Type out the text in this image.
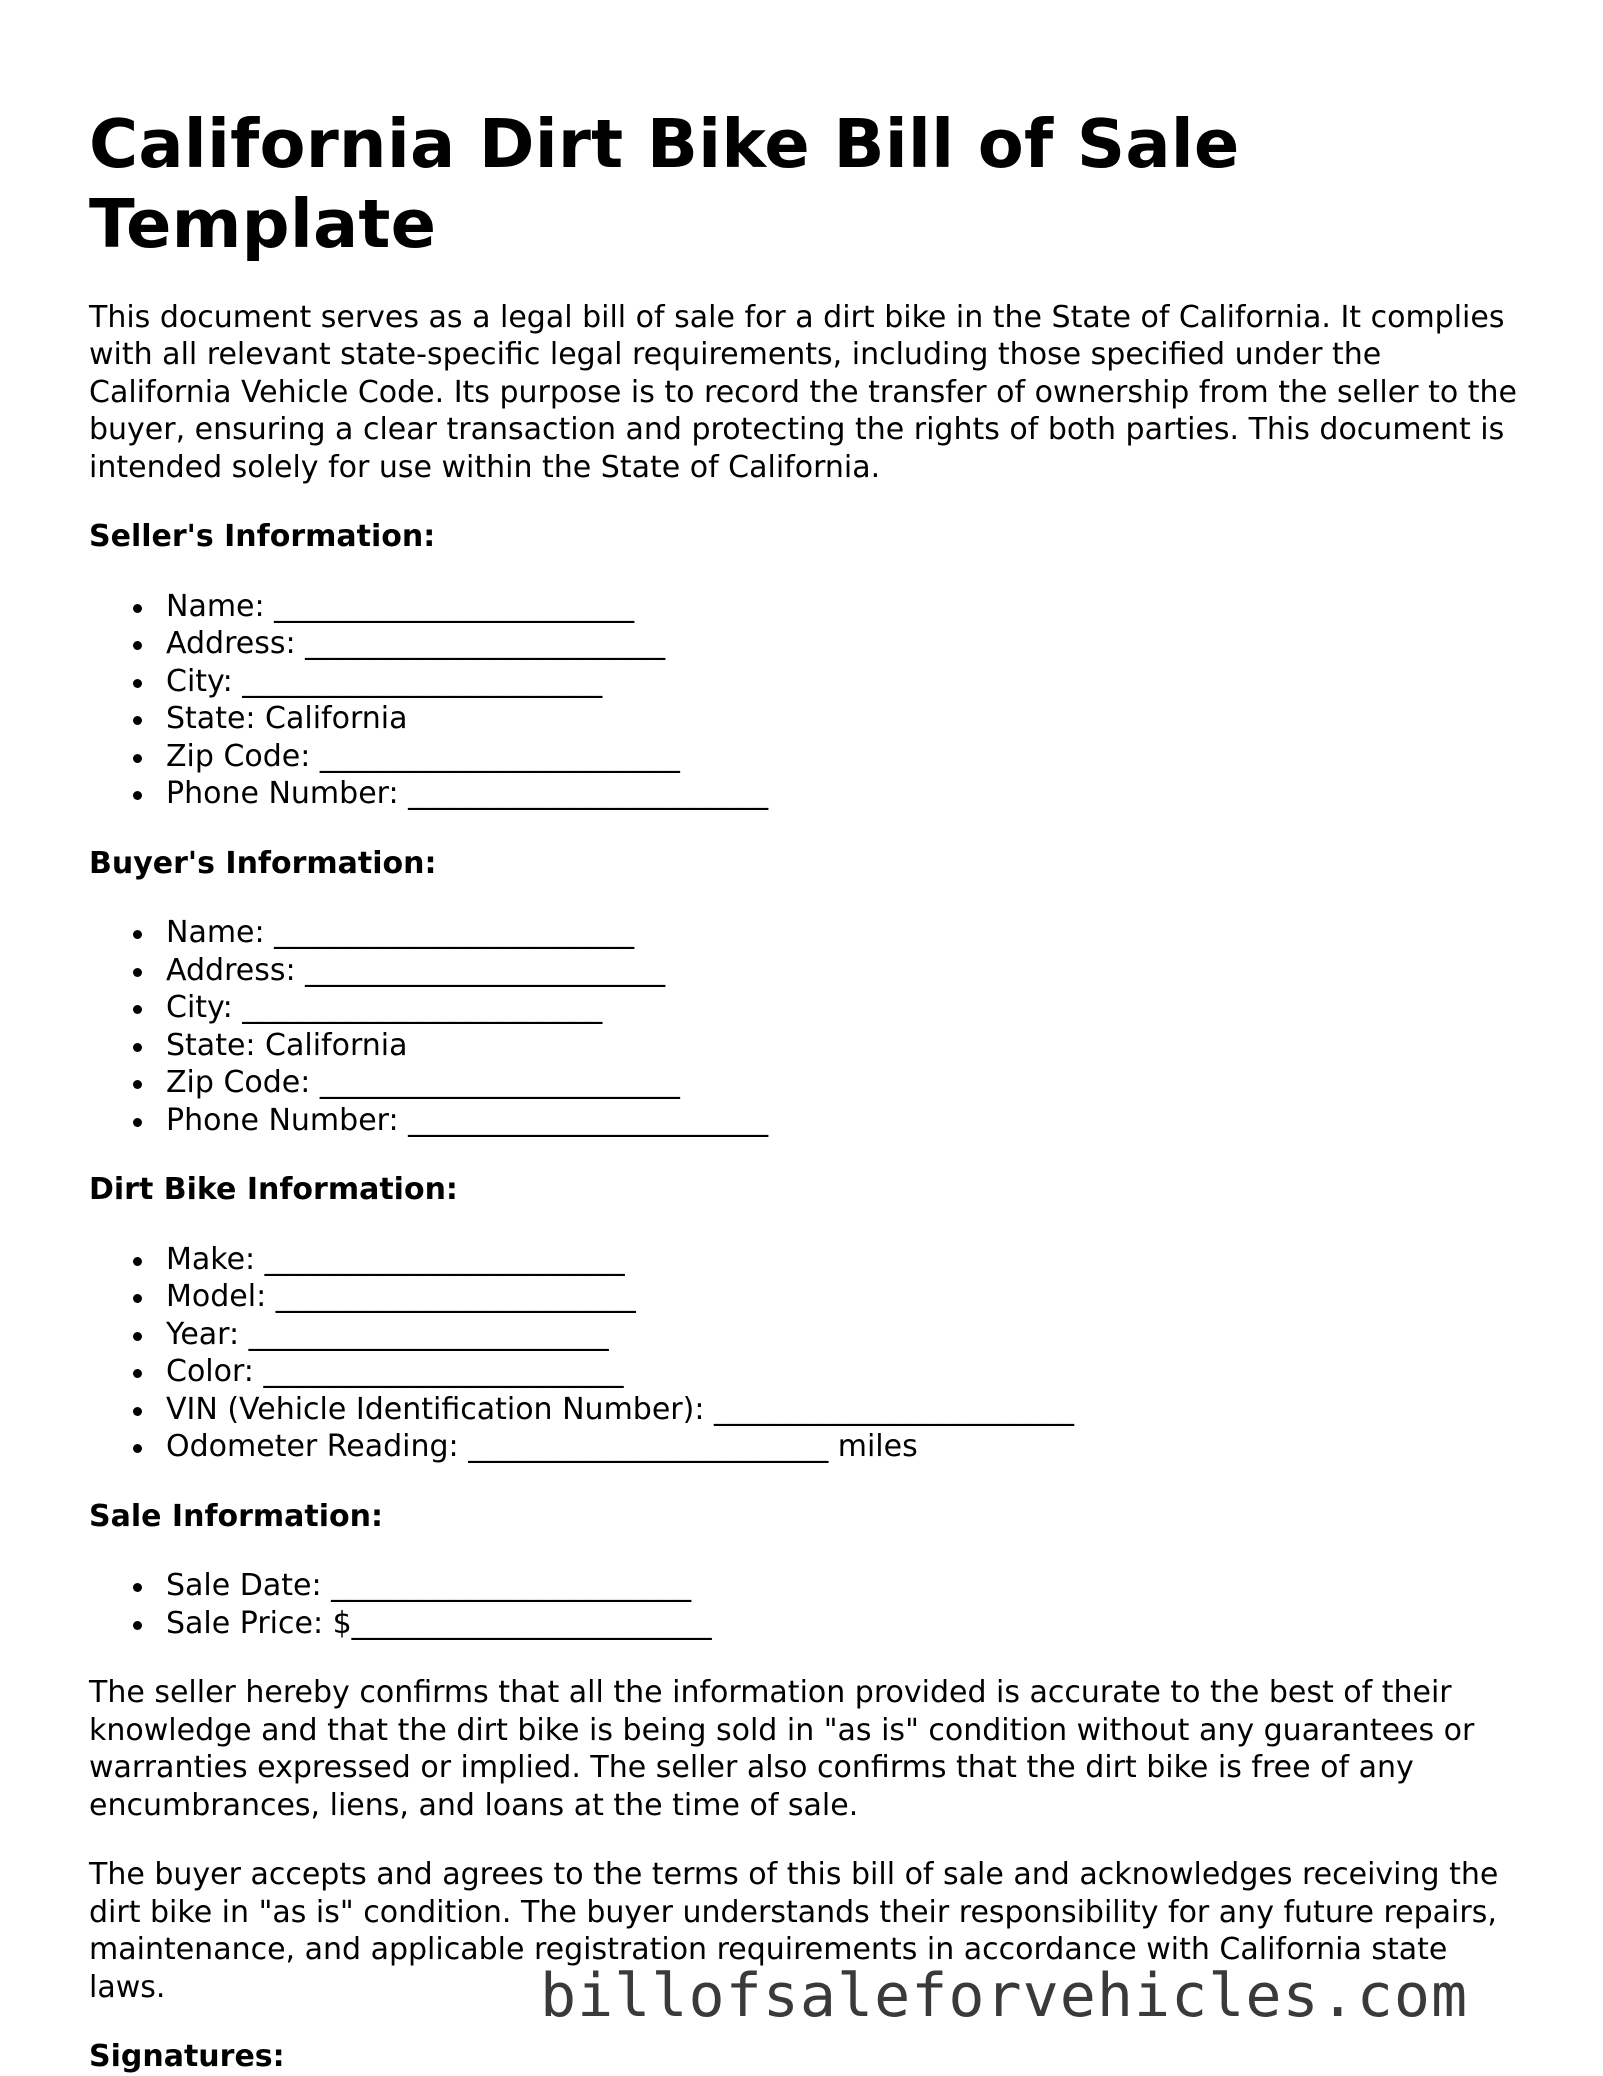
California Dirt Bike Bill of Sale Template

This document serves as a legal bill of sale for a dirt bike in the State of California. It complies with all relevant state-specific legal requirements, including those specified under the California Vehicle Code. Its purpose is to record the transfer of ownership from the seller to the buyer, ensuring a clear transaction and protecting the rights of both parties. This document is intended solely for use within the State of California.

Seller's Information:
Name: ________________________
Address: ________________________
City: ________________________
State: California
Zip Code: ________________________
Phone Number: ________________________
Buyer's Information:
Name: ________________________
Address: ________________________
City: ________________________
State: California
Zip Code: ________________________
Phone Number: ________________________
Dirt Bike Information:
Make: ________________________
Model: ________________________
Year: ________________________
Color: ________________________
VIN (Vehicle Identification Number): ________________________
Odometer Reading: ________________________ miles
Sale Information:
Sale Date: ________________________
Sale Price: $________________________

The seller hereby confirms that all the information provided is accurate to the best of their knowledge and that the dirt bike is being sold in "as is" condition without any guarantees or warranties expressed or implied. The seller also confirms that the dirt bike is free of any encumbrances, liens, and loans at the time of sale.

The buyer accepts and agrees to the terms of this bill of sale and acknowledges receiving the dirt bike in "as is" condition. The buyer understands their responsibility for any future repairs, maintenance, and applicable registration requirements in accordance with California state laws.

Signatures:
billofsaleforvehicles.com
